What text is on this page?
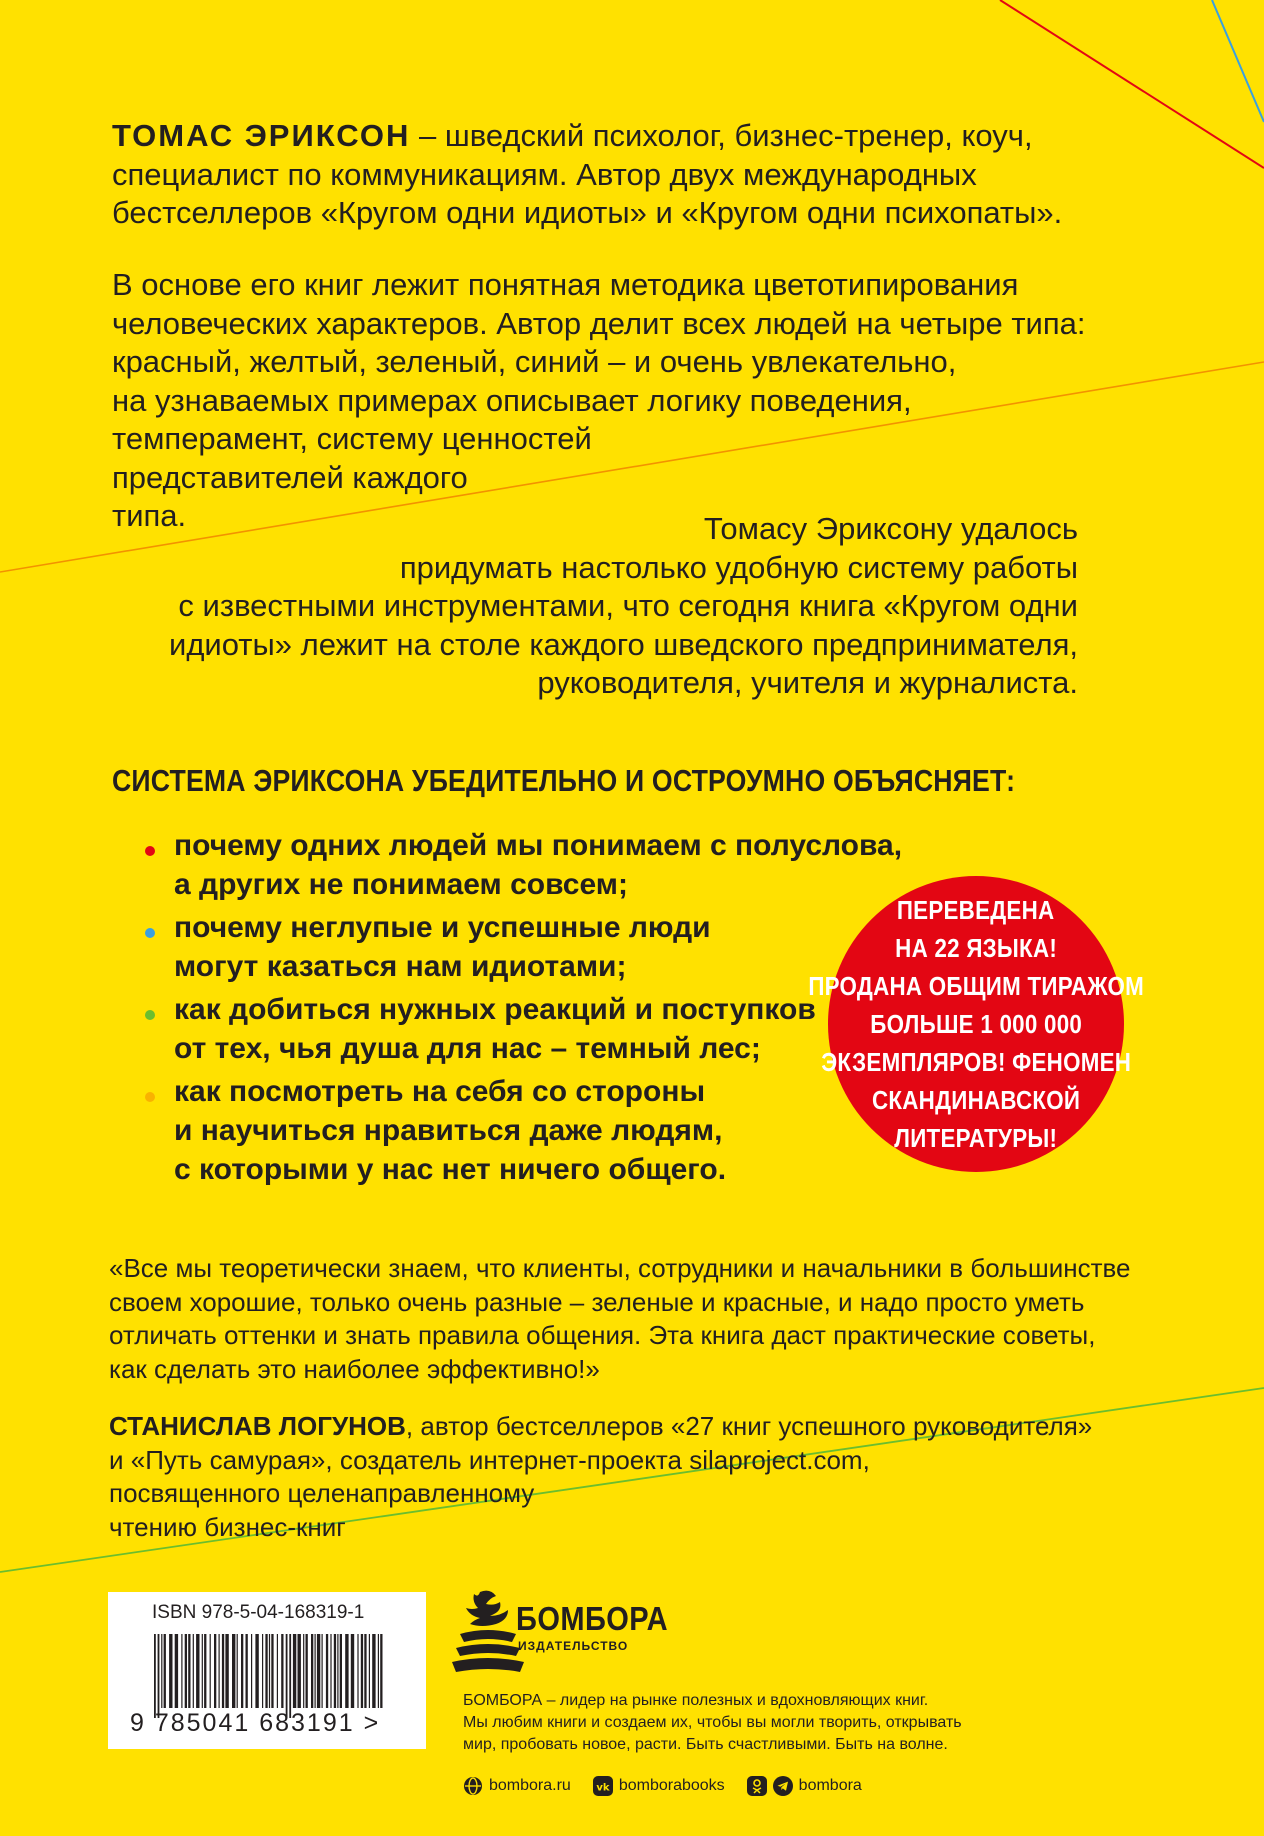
ТОМАС ЭРИКСОН – шведский психолог, бизнес-тренер, коуч,
специалист по коммуникациям. Автор двух международных
бестселлеров «Кругом одни идиоты» и «Кругом одни психопаты».

В основе его книг лежит понятная методика цветотипирования
человеческих характеров. Автор делит всех людей на четыре типа:
красный, желтый, зеленый, синий – и очень увлекательно,
на узнаваемых примерах описывает логику поведения,
темперамент, систему ценностей
представителей каждого
типа.	Томасу Эриксону удалось
придумать настолько удобную систему работы
с известными инструментами, что сегодня книга «Кругом одни
идиоты» лежит на столе каждого шведского предпринимателя,
руководителя, учителя и журналиста.

СИСТЕМА ЭРИКСОНА УБЕДИТЕЛЬНО И ОСТРОУМНО ОБЪЯСНЯЕТ:
почему одних людей мы понимаем с полуслова,
а других не понимаем совсем;
почему неглупые и успешные люди
могут казаться нам идиотами;
как добиться нужных реакций и поступков
от тех, чья душа для нас – темный лес;
как посмотреть на себя со стороны
и научиться нравиться даже людям,
с которыми у нас нет ничего общего.
ПЕРЕВЕДЕНА
НА 22 ЯЗЫКА!
ПРОДАНА ОБЩИМ ТИРАЖОМ
БОЛЬШЕ 1 000 000
ЭКЗЕМПЛЯРОВ! ФЕНОМЕН
СКАНДИНАВСКОЙ
ЛИТЕРАТУРЫ!
«Все мы теоретически знаем, что клиенты, сотрудники и начальники в большинстве
своем хорошие, только очень разные – зеленые и красные, и надо просто уметь
отличать оттенки и знать правила общения. Эта книга даст практические советы,
как сделать это наиболее эффективно!»
СТАНИСЛАВ ЛОГУНОВ, автор бестселлеров «27 книг успешного руководителя»
и «Путь самурая», создатель интернет-проекта silaproject.com,
посвященного целенаправленному
чтению бизнес-книг
ISBN 978-5-04-168319-1
9 785041 683191 >
БОМБОРА
ИЗДАТЕЛЬСТВО
БОМБОРА – лидер на рынке полезных и вдохновляющих книг.
Мы любим книги и создаем их, чтобы вы могли творить, открывать
мир, пробовать новое, расти. Быть счастливыми. Быть на волне.
bombora.ru	vk bomborabooks	bombora
